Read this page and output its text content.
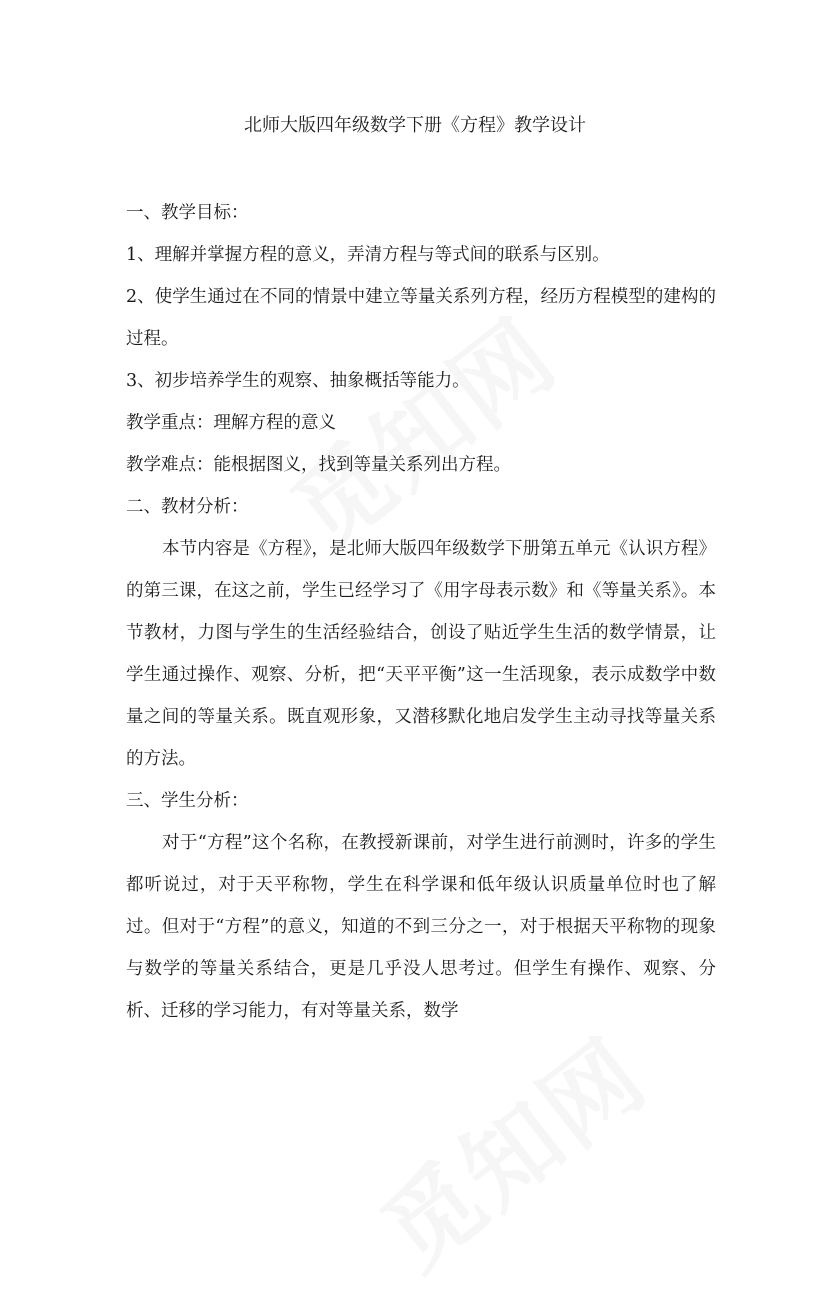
北师大版四年级数学下册《方程》教学设计

一、教学目标：

1、理解并掌握方程的意义，弄清方程与等式间的联系与区别。

2、使学生通过在不同的情景中建立等量关系列方程，经历方程模型的建构的过程。

3、初步培养学生的观察、抽象概括等能力。

教学重点：理解方程的意义

教学难点：能根据图义，找到等量关系列出方程。

二、教材分析：

本节内容是《方程》，是北师大版四年级数学下册第五单元《认识方程》的第三课，在这之前，学生已经学习了《用字母表示数》和《等量关系》。本节教材，力图与学生的生活经验结合，创设了贴近学生生活的数学情景，让学生通过操作、观察、分析，把“天平平衡”这一生活现象，表示成数学中数量之间的等量关系。既直观形象，又潜移默化地启发学生主动寻找等量关系的方法。

三、学生分析：

对于“方程”这个名称，在教授新课前，对学生进行前测时，许多的学生都听说过，对于天平称物，学生在科学课和低年级认识质量单位时也了解过。但对于“方程”的意义，知道的不到三分之一，对于根据天平称物的现象与数学的等量关系结合，更是几乎没人思考过。但学生有操作、观察、分析、迁移的学习能力，有对等量关系，数学
